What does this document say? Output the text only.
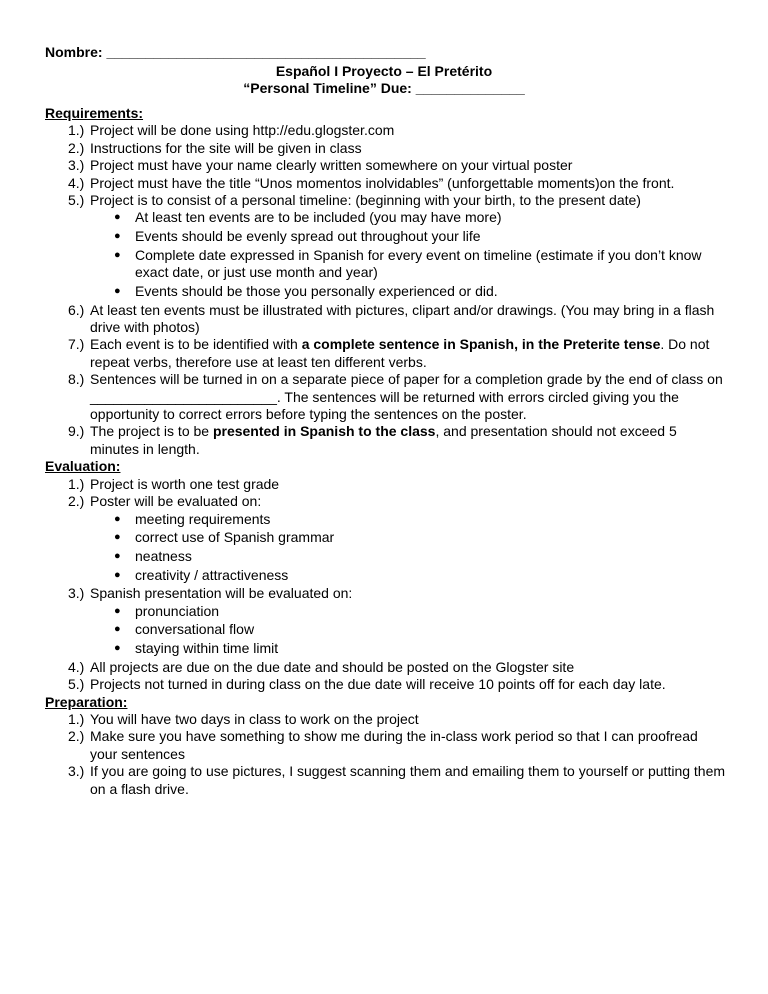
Nombre: _________________________________________
Español I Proyecto – El Pretérito
“Personal Timeline” Due: ______________
Requirements:
1.) Project will be done using http://edu.glogster.com
2.) Instructions for the site will be given in class
3.) Project must have your name clearly written somewhere on your virtual poster
4.) Project must have the title “Unos momentos inolvidables” (unforgettable moments)on the front.
5.) Project is to consist of a personal timeline: (beginning with your birth, to the present date)
●	At least ten events are to be included (you may have more)
●	Events should be evenly spread out throughout your life
●	Complete date expressed in Spanish for every event on timeline (estimate if you don’t know exact date, or just use month and year)
●	Events should be those you personally experienced or did.
6.) At least ten events must be illustrated with pictures, clipart and/or drawings. (You may bring in a flash drive with photos)
7.) Each event is to be identified with a complete sentence in Spanish, in the Preterite tense. Do not repeat verbs, therefore use at least ten different verbs.
8.) Sentences will be turned in on a separate piece of paper for a completion grade by the end of class on ________________________. The sentences will be returned with errors circled giving you the opportunity to correct errors before typing the sentences on the poster.
9.) The project is to be presented in Spanish to the class, and presentation should not exceed 5 minutes in length.
Evaluation:
1.) Project is worth one test grade
2.) Poster will be evaluated on:
●	meeting requirements
●	correct use of Spanish grammar
●	neatness
●	creativity / attractiveness
3.) Spanish presentation will be evaluated on:
●	pronunciation
●	conversational flow
●	staying within time limit
4.) All projects are due on the due date and should be posted on the Glogster site
5.) Projects not turned in during class on the due date will receive 10 points off for each day late.
Preparation:
1.) You will have two days in class to work on the project
2.) Make sure you have something to show me during the in-class work period so that I can proofread your sentences
3.) If you are going to use pictures, I suggest scanning them and emailing them to yourself or putting them on a flash drive.
